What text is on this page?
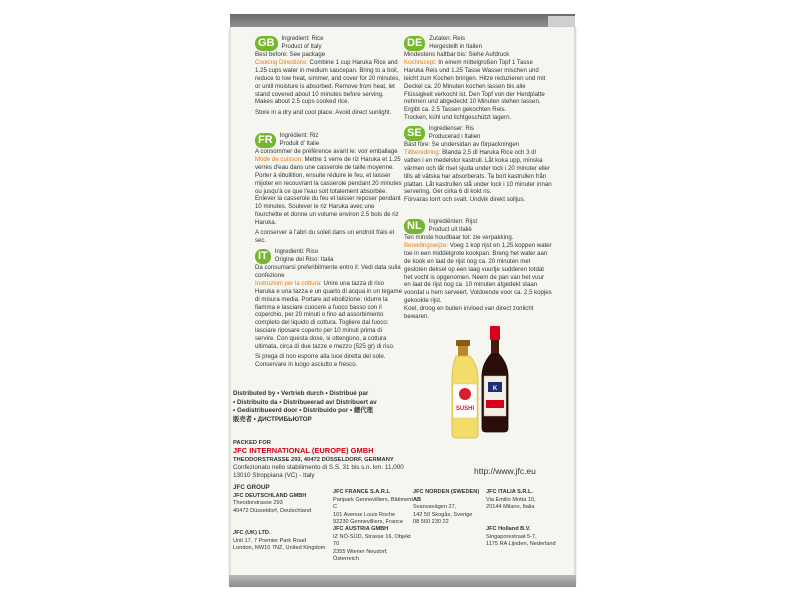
GB Ingredient: Rice
Product of Italy

Best before: See package

Cooking Directions: Combine 1 cup Haruka Rice and 1.25 cups water in medium saucepan. Bring to a boil, reduce to low heat, simmer, and cover for 20 minutes, or until moisture is absorbed. Remove from heat, let stand covered about 10 minutes before serving. Makes about 2.5 cups cooked rice.

Store in a dry and cool place. Avoid direct sunlight.

FR Ingrédient: Riz
Produit d' Italie

A consommer de préférence avant le: voir emballage

Mode de cuisson: Mettre 1 verre de riz Haruka et 1.25 verres d'eau dans une casserole de taille moyenne. Porter à ébullition, ensuite réduire le feu, et laisser mijoter en recouvrant la casserole pendant 20 minutes ou jusqu'à ce que l'eau soit totalement absorbée. Enlever la casserole du feu et laisser reposer pendant 10 minutes. Soulever le riz Haruka avec une fourchette et donne un volume environ 2.5 bols de riz Haruka.

A conserver à l'abri du soleil dans un endroit frais et sec.

IT Ingredienti: Riso
Origine del Riso: Italia

Da consumarsi preferibilmente entro il: Vedi data sulla confezione

Instruzioni per la cottura: Unire una tazza di riso Haruka e una tazza e un quarto di acqua in un tegame di misura media. Portare ad ebollizione: ridurre la fiamma e lasciare cuocere a fuoco basso con il coperchio, per 20 minuti o fino ad assorbimento completo del liquido di cottura. Togliere dal fuoco: lasciare riposare coperto per 10 minuti prima di servire. Con questa dose, si ottengono, a cottura ultimata, circa di due tazze e mezzo (525 gr) di riso.

Si prega di non esporre alla luce diretta del sole. Conservare in luogo asciutto e fresco.

DE Zutaten: Reis
Hergestellt in Italien

Mindestens haltbar bis: Siehe Aufdruck

Kochrezept: In einem mittelgroßen Topf 1 Tasse Haruka Reis und 1.25 Tasse Wasser mischen und leicht zum Kochen bringen. Hitze reduzieren und mit Deckel ca. 20 Minuten kochen lassen bis alle Flüssigkeit verkocht ist. Den Topf von der Herdplatte nehmen und abgedeckt 10 Minuten stehen lassen. Ergibt ca. 2.5 Tassen gekochten Reis.

Trocken, kühl und lichtgeschützt lagern.

SE Ingredienser: Ris
Producerad i Italien

Bäst före: Se undersidan av förpackningen

Tillberedning: Blanda 2,5 dl Haruka Rice och 3 dl vatten i en medelstor kastrull. Låt koka upp, minska värmen och låt riset sjuda under lock i 20 minuter eller tills all vätska har absorberats. Ta bort kastrullen från plattan. Låt kastrullen stå under lock i 10 minuter innan servering. Ger cirka 6 dl kokt ris.

Förvaras torrt och svalt. Undvik direkt solljus.

NL Ingrediënten: Rijst
Product uit Italië

Ten minste houdbaar tot: zie verpakking.

Bereidingswijze: Voeg 1 kop rijst en 1,25 koppen water toe in een middelgrote kookpan. Breng het water aan de kook en laat de rijst nog ca. 20 minuten met gesloten deksel op een laag vuurtje sudderen totdat het vocht is opgenomen. Neem de pan van het vuur en laat de rijst nog ca. 10 minuten afgedekt staan voordat u hem serveert. Voldoende voor ca. 2,5 kopjes gekookte rijst.

Koel, droog en buiten invloed van direct zonlicht bewaren.

SUSHI
K
Distributed by • Vertrieb durch • Distribué par
• Distribuito da • Distribueerad av/ Distribuert av
• Gedistribueerd door • Distribuido por • 總代理
販売者 • ДИСТРИБЬЮТОР
PACKED FOR
JFC INTERNATIONAL (EUROPE) GMBH
THEODORSTRASSE 293, 40472 DÜSSELDORF, GERMANY
Confezionato nello stabilimento di S.S. 31 bis s.n. km. 11,000
13010 Stroppiana (VC) - Italy	http://www.jfc.eu
JFC GROUP
JFC DEUTSCHLAND GMBH
Theodorstrasse 293
40472 Düsseldorf, Deutschland
JFC (UK) LTD.
Unit 17, 7 Premier Park Road
London, NW10 7NZ, United Kingdom
JFC FRANCE S.A.R.L
Paripark Gennevilliers, Bâtiment C
101 Avenue Louis Roche
92230 Gennevilliers, France
JFC AUSTRIA GMBH
IZ NÖ-SÜD, Strasse 16, Objekt 70
2355 Wiener Neudorf, Österreich
JFC NORDEN (SWEDEN) AB
Svanvavägen 27,
142 50 Skogås, Sverige
08 560 230 22
JFC ITALIA S.R.L.
Via Emilio Motta 10,
20144 Milano, Italia
JFC Holland B.V.
Singaporestraat 5-7,
1175 RA Lijnden, Nederland
